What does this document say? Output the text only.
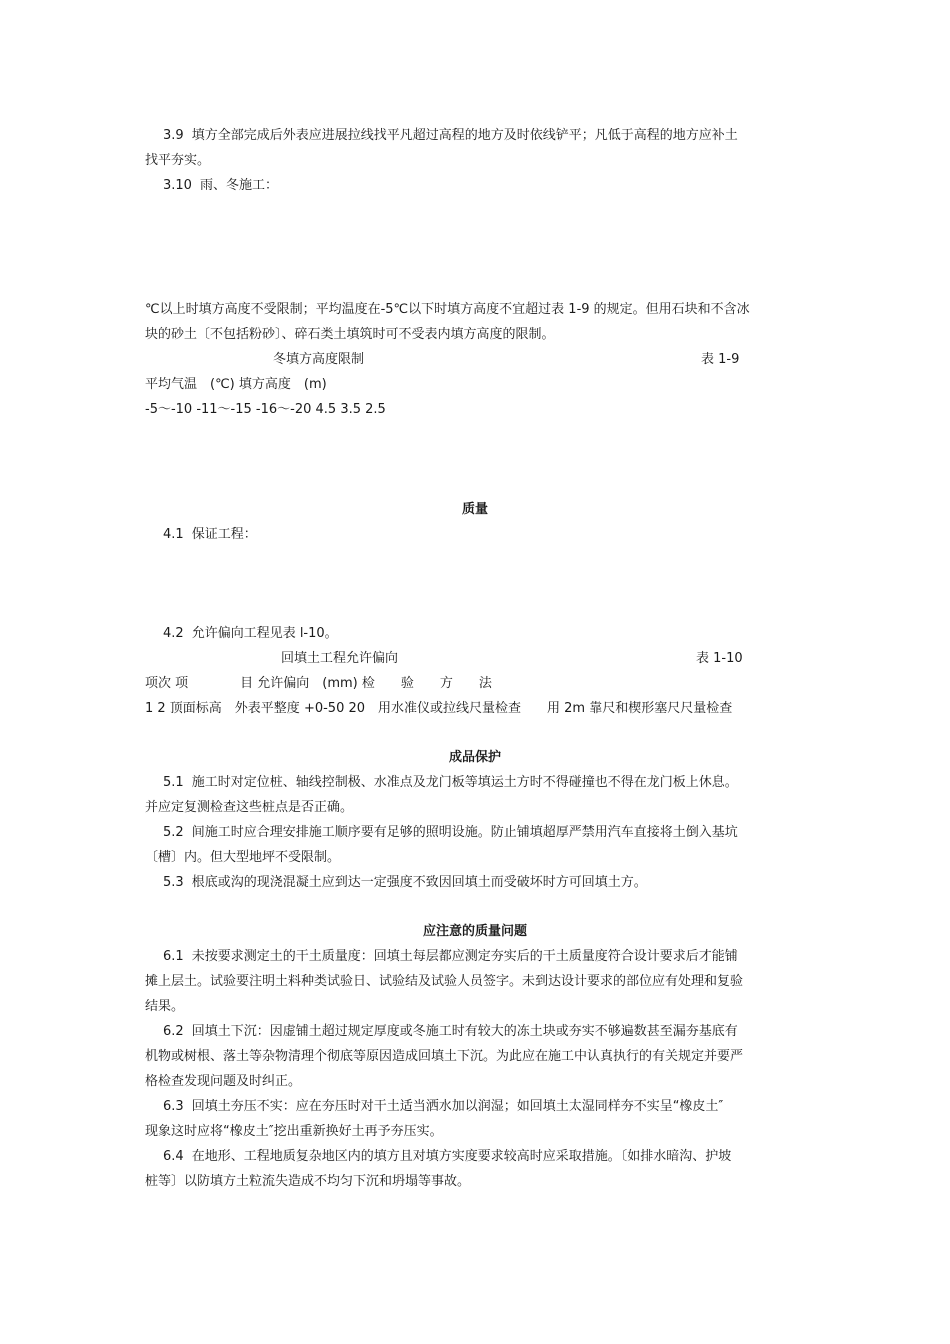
3.9 填方全部完成后外表应进展拉线找平凡超过高程的地方及时依线铲平；凡低于高程的地方应补土
找平夯实。
3.10 雨、冬施工：
℃以上时填方高度不受限制；平均温度在-5℃以下时填方高度不宜超过表 1-9 的规定。但用石块和不含冰
块的砂土〔不包括粉砂〕、碎石类土填筑时可不受表内填方高度的限制。
冬填方高度限制	表 1-9
平均气温　(℃) 填方高度　(m)
-5～-10 -11～-15 -16～-20 4.5 3.5 2.5
质量
4.1 保证工程：
4.2 允许偏向工程见表 l-10。
回填土工程允许偏向	表 1-10
项次 项　　　　目 允许偏向　(mm) 检　　验　　方　　法
1 2 顶面标高　外表平整度 +0-50 20　用水准仪或拉线尺量检查　　用 2m 靠尺和楔形塞尺尺量检查
成品保护
5.1 施工时对定位桩、轴线控制极、水准点及龙门板等填运土方时不得碰撞也不得在龙门板上休息。
并应定复测检查这些桩点是否正确。
5.2 间施工时应合理安排施工顺序要有足够的照明设施。防止铺填超厚严禁用汽车直接将土倒入基坑
〔槽〕内。但大型地坪不受限制。
5.3 根底或沟的现浇混凝土应到达一定强度不致因回填土而受破坏时方可回填土方。
应注意的质量问题
6.1 未按要求测定土的干土质量度：回填土每层都应测定夯实后的干土质量度符合设计要求后才能铺
摊上层土。试验要注明土料种类试验日、试验结及试验人员签字。未到达设计要求的部位应有处理和复验
结果。
6.2 回填土下沉：因虚铺土超过规定厚度或冬施工时有较大的冻土块或夯实不够遍数甚至漏夯基底有
机物或树根、落土等杂物清理个彻底等原因造成回填土下沉。为此应在施工中认真执行的有关规定并要严
格检查发现问题及时纠正。
6.3 回填土夯压不实：应在夯压时对干土适当洒水加以润湿；如回填土太湿同样夯不实呈“橡皮土″
现象这时应将“橡皮土″挖出重新换好土再予夯压实。
6.4 在地形、工程地质复杂地区内的填方且对填方实度要求较高时应采取措施。〔如排水暗沟、护坡
桩等〕以防填方土粒流失造成不均匀下沉和坍塌等事故。
